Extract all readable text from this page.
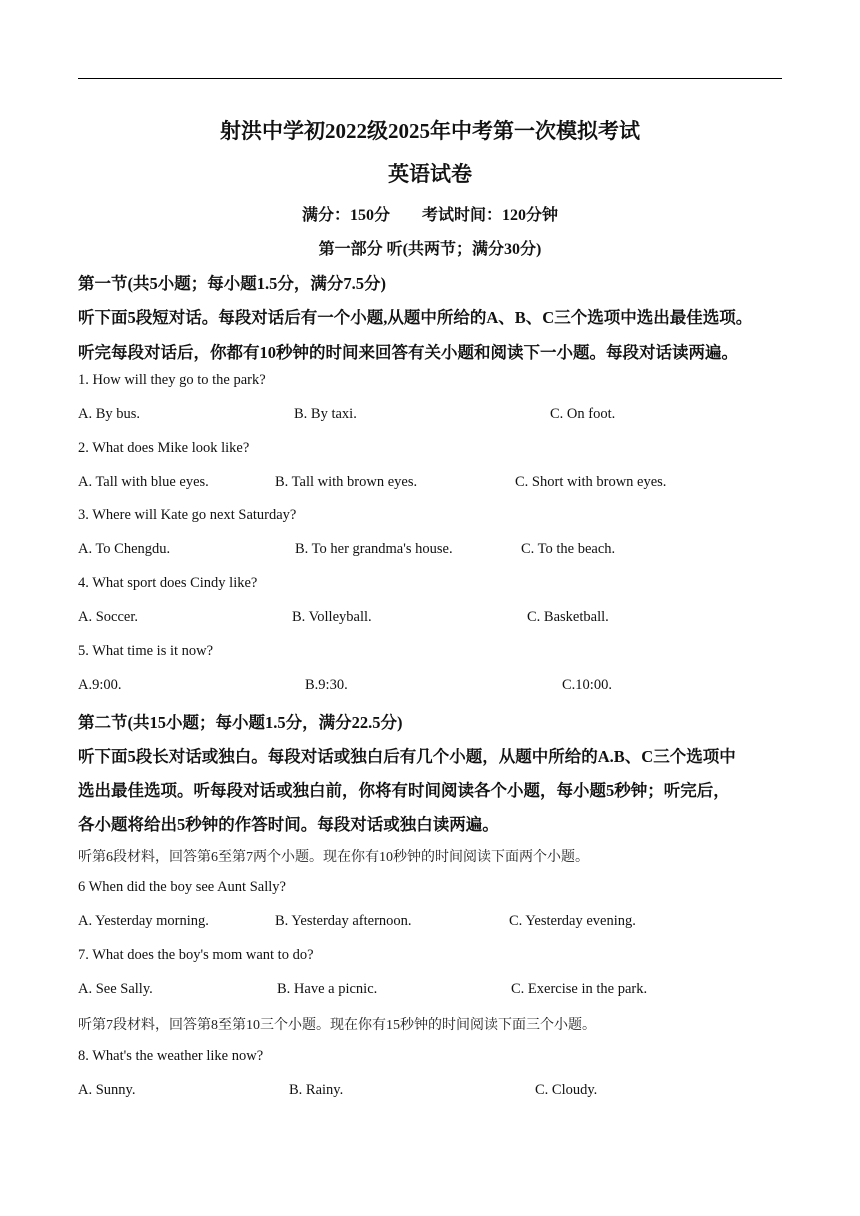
射洪中学初2022级2025年中考第一次模拟考试
英语试卷
满分：150分　　考试时间：120分钟
第一部分 听(共两节；满分30分)
第一节(共5小题；每小题1.5分，满分7.5分)
听下面5段短对话。每段对话后有一个小题,从题中所给的A、B、C三个选项中选出最佳选项。
听完每段对话后，你都有10秒钟的时间来回答有关小题和阅读下一小题。每段对话读两遍。
1. How will they go to the park?
A. By bus.	B. By taxi.	C. On foot.
2. What does Mike look like?
A. Tall with blue eyes.	B. Tall with brown eyes.	C. Short with brown eyes.
3. Where will Kate go next Saturday?
A. To Chengdu.	B. To her grandma's house.	C. To the beach.
4. What sport does Cindy like?
A. Soccer.	B. Volleyball.	C. Basketball.
5. What time is it now?
A.9:00.	B.9:30.	C.10:00.
第二节(共15小题；每小题1.5分，满分22.5分)
听下面5段长对话或独白。每段对话或独白后有几个小题，从题中所给的A.B、C三个选项中
选出最佳选项。听每段对话或独白前，你将有时间阅读各个小题，每小题5秒钟；听完后，
各小题将给出5秒钟的作答时间。每段对话或独白读两遍。
听第6段材料，回答第6至第7两个小题。现在你有10秒钟的时间阅读下面两个小题。
6 When did the boy see Aunt Sally?
A. Yesterday morning.	B. Yesterday afternoon.	C. Yesterday evening.
7. What does the boy's mom want to do?
A. See Sally.	B. Have a picnic.	C. Exercise in the park.
听第7段材料，回答第8至第10三个小题。现在你有15秒钟的时间阅读下面三个小题。
8. What's the weather like now?
A. Sunny.	B. Rainy.	C. Cloudy.
